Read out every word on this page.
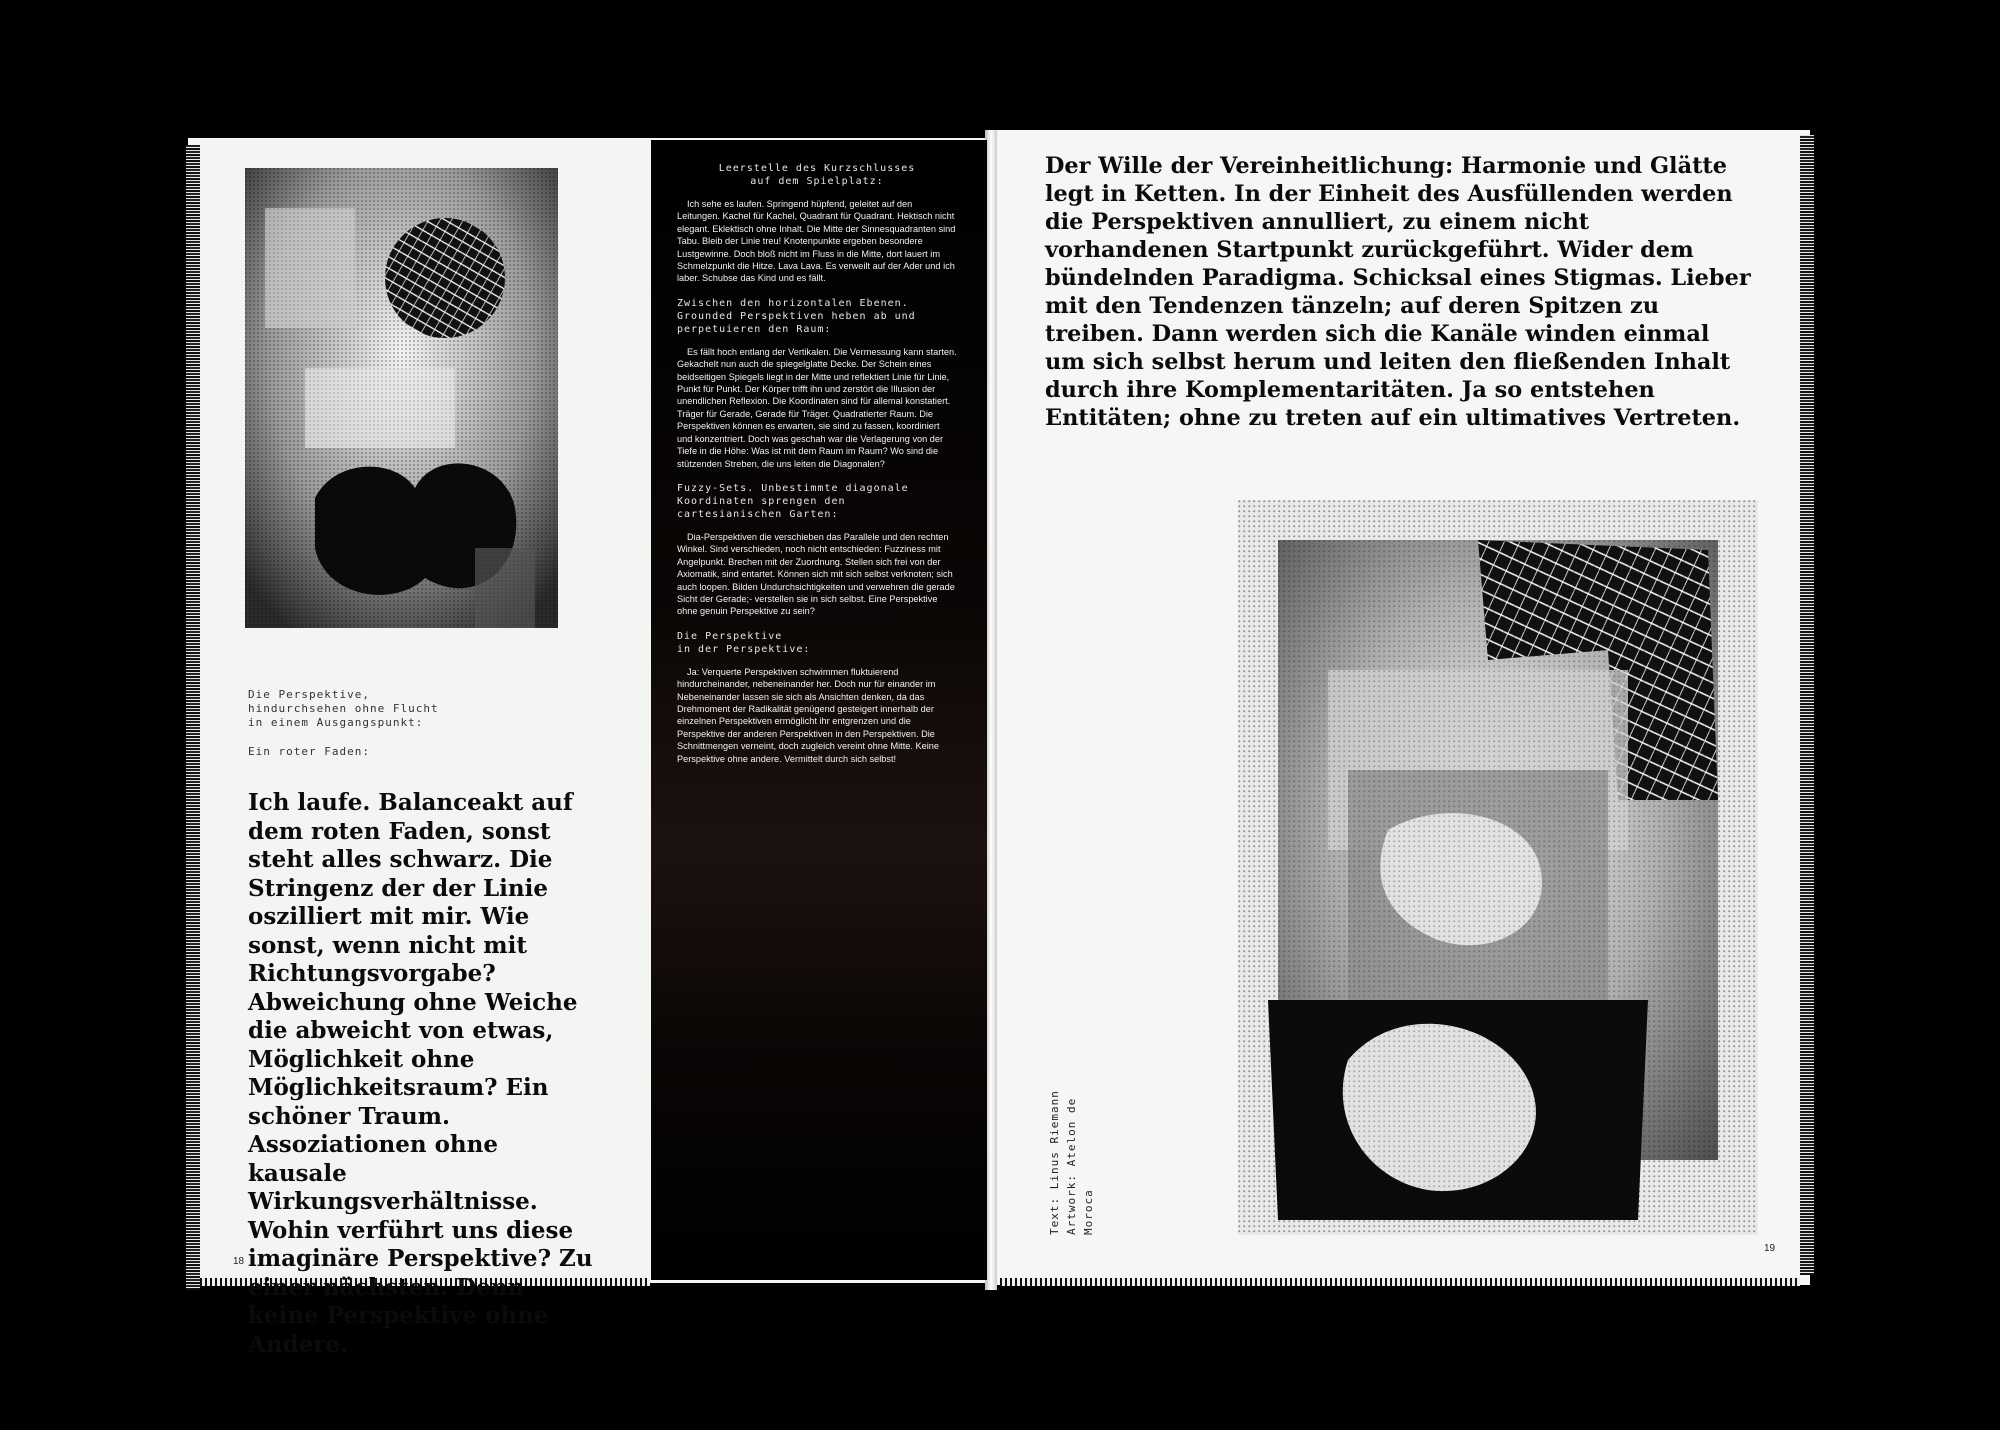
Die Perspektive,
hindurchsehen ohne Flucht
in einem Ausgangspunkt:
Ein roter Faden:
Ich laufe. Balanceakt auf dem roten Faden, sonst steht alles schwarz. Die Stringenz der der Linie oszilliert mit mir. Wie sonst, wenn nicht mit Richtungsvorgabe? Abweichung ohne Weiche die abweicht von etwas, Möglichkeit ohne Möglichkeitsraum? Ein schöner Traum. Assoziationen ohne kausale Wirkungsverhältnisse. Wohin verführt uns diese imaginäre Perspektive? Zu einer nächsten. Denn keine Perspektive ohne Andere.
18

Leerstelle des Kurzschlusses
auf dem Spielplatz:

Ich sehe es laufen. Springend hüpfend, geleitet auf den Leitungen. Kachel für Kachel, Quadrant für Quadrant. Hektisch nicht elegant. Eklektisch ohne Inhalt. Die Mitte der Sinnesquadranten sind Tabu. Bleib der Linie treu! Knotenpunkte ergeben besondere Lustgewinne. Doch bloß nicht im Fluss in die Mitte, dort lauert im Schmelzpunkt die Hitze. Lava Lava. Es verweilt auf der Ader und ich laber. Schubse das Kind und es fällt.

Zwischen den horizontalen Ebenen. Grounded Perspektiven heben ab und perpetuieren den Raum:

Es fällt hoch entlang der Vertikalen. Die Vermessung kann starten. Gekachelt nun auch die spiegelglatte Decke. Der Schein eines beidseitigen Spiegels liegt in der Mitte und reflektiert Linie für Linie, Punkt für Punkt. Der Körper trifft ihn und zerstört die Illusion der unendlichen Reflexion. Die Koordinaten sind für allemal konstatiert. Träger für Gerade, Gerade für Träger. Quadratierter Raum. Die Perspektiven können es erwarten, sie sind zu fassen, koordiniert und konzentriert. Doch was geschah war die Verlagerung von der Tiefe in die Höhe: Was ist mit dem Raum im Raum? Wo sind die stützenden Streben, die uns leiten die Diagonalen?

Fuzzy-Sets. Unbestimmte diagonale Koordinaten sprengen den cartesianischen Garten:

Dia-Perspektiven die verschieben das Parallele und den rechten Winkel. Sind verschieden, noch nicht entschieden: Fuzziness mit Angelpunkt. Brechen mit der Zuordnung. Stellen sich frei von der Axiomatik, sind entartet. Können sich mit sich selbst verknoten; sich auch loopen. Bilden Undurchsichtigkeiten und verwehren die gerade Sicht der Gerade;- verstellen sie in sich selbst. Eine Perspektive ohne genuin Perspektive zu sein?

Die Perspektive
in der Perspektive:

Ja: Verquerte Perspektiven schwimmen fluktuierend hindurcheinander, nebeneinander her. Doch nur für einander im Nebeneinander lassen sie sich als Ansichten denken, da das Drehmoment der Radikalität genügend gesteigert innerhalb der einzelnen Perspektiven ermöglicht ihr entgrenzen und die Perspektive der anderen Perspektiven in den Perspektiven. Die Schnittmengen verneint, doch zugleich vereint ohne Mitte. Keine Perspektive ohne andere. Vermittelt durch sich selbst!

Der Wille der Vereinheitlichung: Harmonie und Glätte legt in Ketten. In der Einheit des Ausfüllenden werden die Perspektiven annulliert, zu einem nicht vorhandenen Startpunkt zurückgeführt. Wider dem bündelnden Paradigma. Schicksal eines Stigmas. Lieber mit den Tendenzen tänzeln; auf deren Spitzen zu treiben. Dann werden sich die Kanäle winden einmal um sich selbst herum und leiten den fließenden Inhalt durch ihre Komplementaritäten. Ja so entstehen Entitäten; ohne zu treten auf ein ultimatives Vertreten.
Text: Linus Riemann Artwork: Atelon de Moroca
19
